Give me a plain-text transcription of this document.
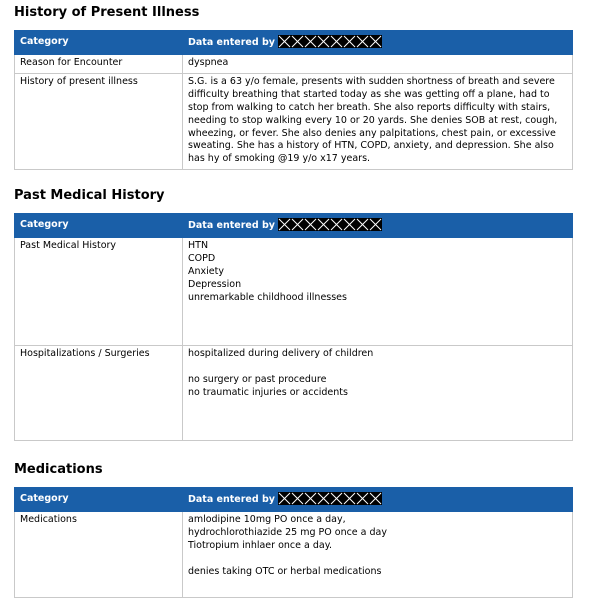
History of Present Illness
Category	Data entered by
Reason for Encounter	dyspnea
History of present illness	S.G. is a 63 y/o female, presents with sudden shortness of breath and severe difficulty breathing that started today as she was getting off a plane, had to stop from walking to catch her breath. She also reports difficulty with stairs, needing to stop walking every 10 or 20 yards. She denies SOB at rest, cough, wheezing, or fever. She also denies any palpitations, chest pain, or excessive sweating. She has a history of HTN, COPD, anxiety, and depression. She also has hy of smoking @19 y/o x17 years.
Past Medical History
Category	Data entered by
Past Medical History	HTN
COPD
Anxiety
Depression
unremarkable childhood illnesses

Hospitalizations / Surgeries	hospitalized during delivery of children
no surgery or past procedure
no traumatic injuries or accidents
Medications
Category	Data entered by
Medications	amlodipine 10mg PO once a day,
hydrochlorothiazide 25 mg PO once a day
Tiotropium inhlaer once a day.
denies taking OTC or herbal medications
